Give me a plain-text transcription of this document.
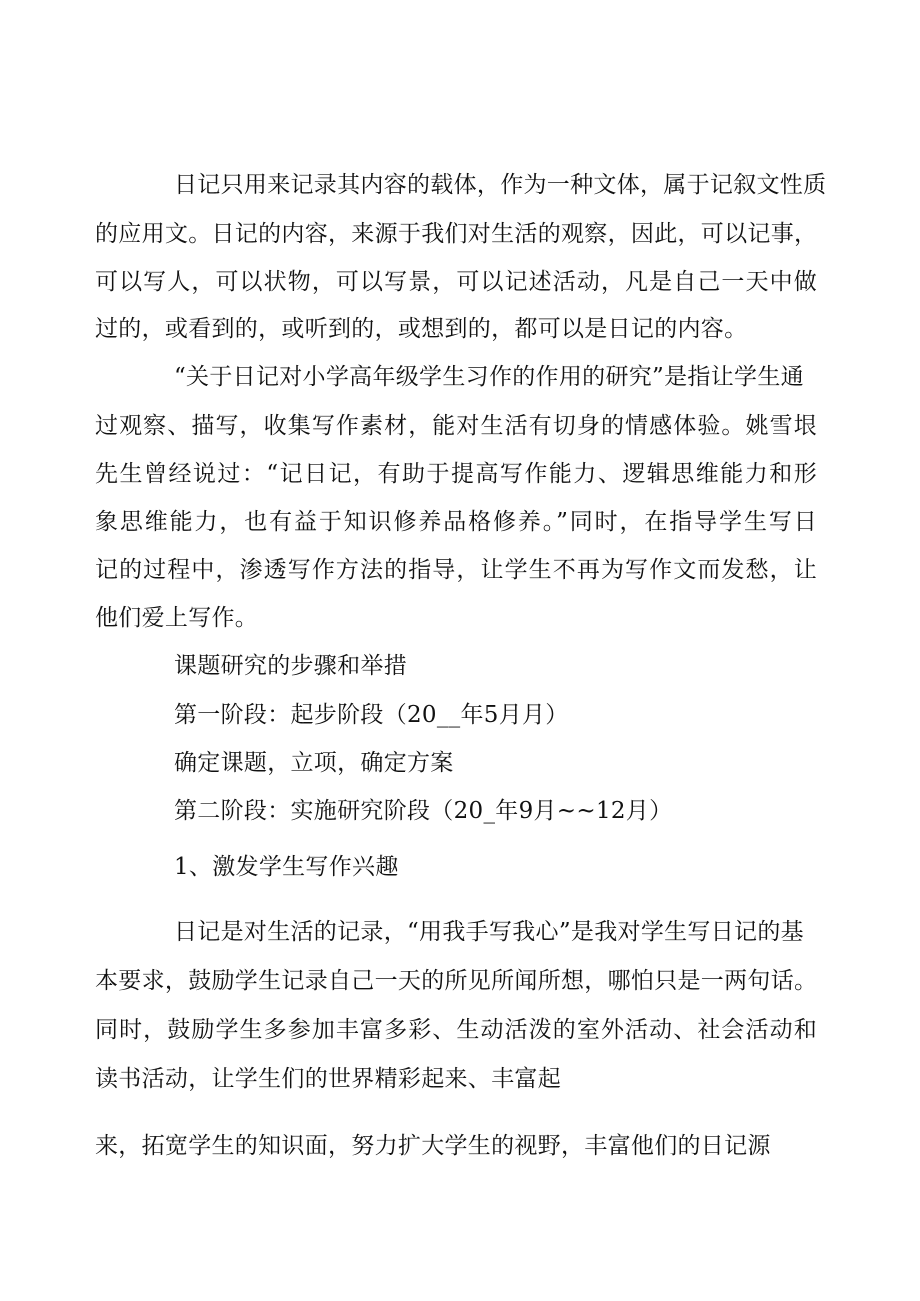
日记只用来记录其内容的载体，作为一种文体，属于记叙文性质
的应用文。日记的内容，来源于我们对生活的观察，因此，可以记事，
可以写人，可以状物，可以写景，可以记述活动，凡是自己一天中做
过的，或看到的，或听到的，或想到的，都可以是日记的内容。
“关于日记对小学高年级学生习作的作用的研究”是指让学生通
过观察、描写，收集写作素材，能对生活有切身的情感体验。姚雪垠
先生曾经说过：“记日记，有助于提高写作能力、逻辑思维能力和形
象思维能力，也有益于知识修养品格修养。”同时，在指导学生写日
记的过程中，渗透写作方法的指导，让学生不再为写作文而发愁，让
他们爱上写作。
课题研究的步骤和举措
第一阶段：起步阶段（20__年5月月）
确定课题，立项，确定方案
第二阶段：实施研究阶段（20_年9月~~12月）
1、激发学生写作兴趣
日记是对生活的记录，“用我手写我心”是我对学生写日记的基
本要求，鼓励学生记录自己一天的所见所闻所想，哪怕只是一两句话。
同时，鼓励学生多参加丰富多彩、生动活泼的室外活动、社会活动和
读书活动，让学生们的世界精彩起来、丰富起
来，拓宽学生的知识面，努力扩大学生的视野，丰富他们的日记源
